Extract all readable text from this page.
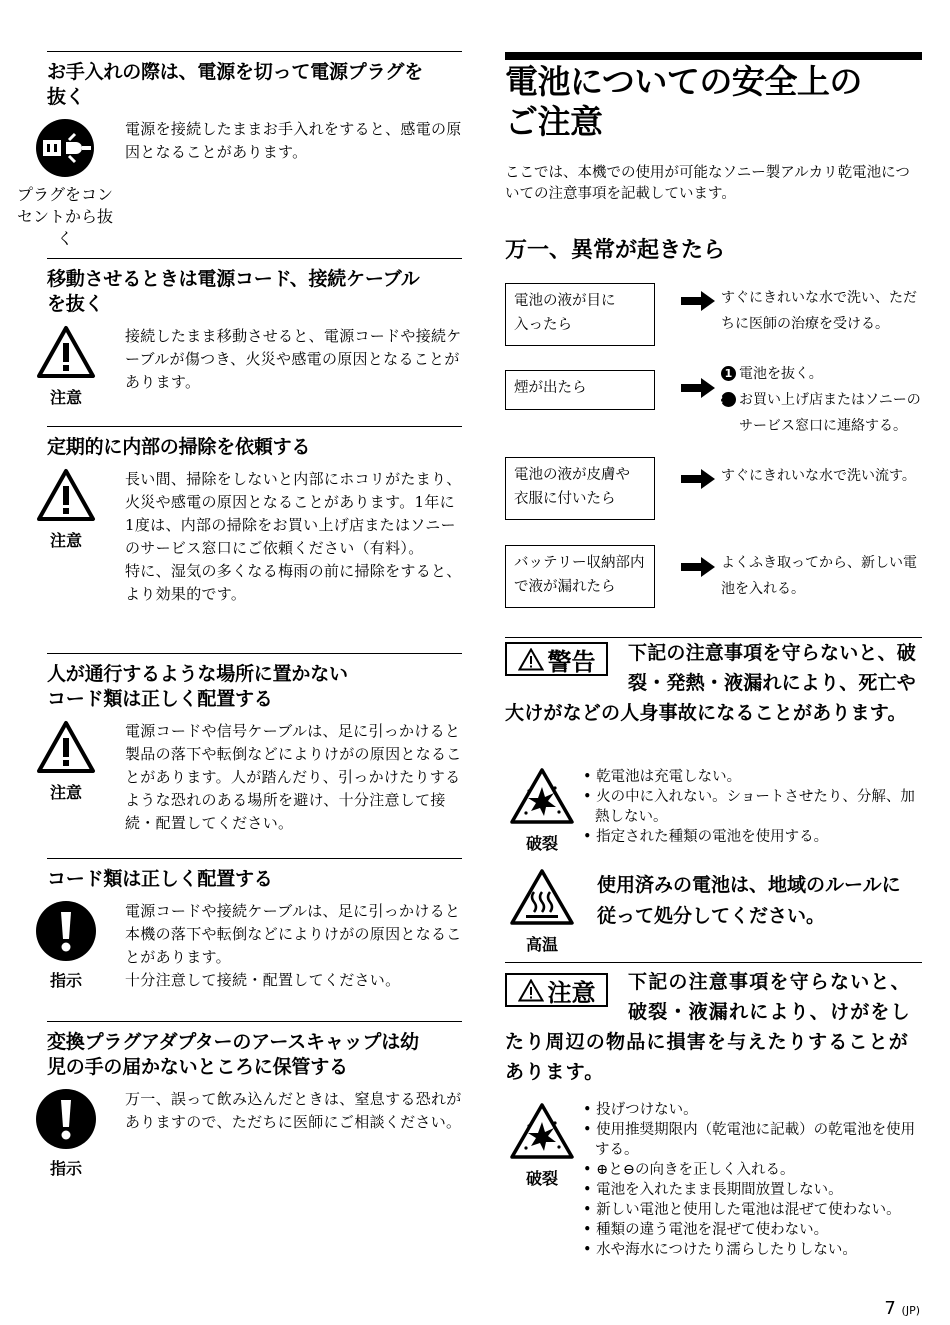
お手入れの際は、電源を切って電源プラグを
抜く
プラグをコン
セントから抜く

電源を接続したままお手入れをすると、感電の原因となることがあります。

移動させるときは電源コード、接続ケーブル
を抜く
注意

接続したまま移動させると、電源コードや接続ケーブルが傷つき、火災や感電の原因となることがあります。

定期的に内部の掃除を依頼する
注意

長い間、掃除をしないと内部にホコリがたまり、火災や感電の原因となることがあります。1年に1度は、内部の掃除をお買い上げ店またはソニーのサービス窓口にご依頼ください（有料）。

特に、湿気の多くなる梅雨の前に掃除をすると、より効果的です。

人が通行するような場所に置かない
コード類は正しく配置する
注意

電源コードや信号ケーブルは、足に引っかけると製品の落下や転倒などによりけがの原因となることがあります。人が踏んだり、引っかけたりするような恐れのある場所を避け、十分注意して接続・配置してください。

コード類は正しく配置する
指示

電源コードや接続ケーブルは、足に引っかけると本機の落下や転倒などによりけがの原因となることがあります。

十分注意して接続・配置してください。

変換プラグアダプターのアースキャップは幼
児の手の届かないところに保管する
指示

万一、誤って飲み込んだときは、窒息する恐れがありますので、ただちに医師にご相談ください。

電池についての安全上の
ご注意
ここでは、本機での使用が可能なソニー製アルカリ乾電池についての注意事項を記載しています。
万一、異常が起きたら
電池の液が目に
入ったら

すぐにきれいな水で洗い、ただちに医師の治療を受ける。

煙が出たら

1 電池を抜く。

2 お買い上げ店またはソニーのサービス窓口に連絡する。

電池の液が皮膚や
衣服に付いたら

すぐにきれいな水で洗い流す。

バッテリー収納部内
で液が漏れたら

よくふき取ってから、新しい電池を入れる。

警告	下記の注意事項を守らないと、破裂・発熱・液漏れにより、死亡や大けがなどの人身事故になることがあります。

破裂
• 乾電池は充電しない。
• 火の中に入れない。ショートさせたり、分解、加熱しない。
• 指定された種類の電池を使用する。
高温
使用済みの電池は、地域のルールに
従って処分してください。
注意	下記の注意事項を守らないと、破裂・液漏れにより、けがをしたり周辺の物品に損害を与えたりすることがあります。

破裂
• 投げつけない。
• 使用推奨期限内（乾電池に記載）の乾電池を使用する。
• ⊕と⊖の向きを正しく入れる。
• 電池を入れたまま長期間放置しない。
• 新しい電池と使用した電池は混ぜて使わない。
• 種類の違う電池を混ぜて使わない。
• 水や海水につけたり濡らしたりしない。
7 (JP)
